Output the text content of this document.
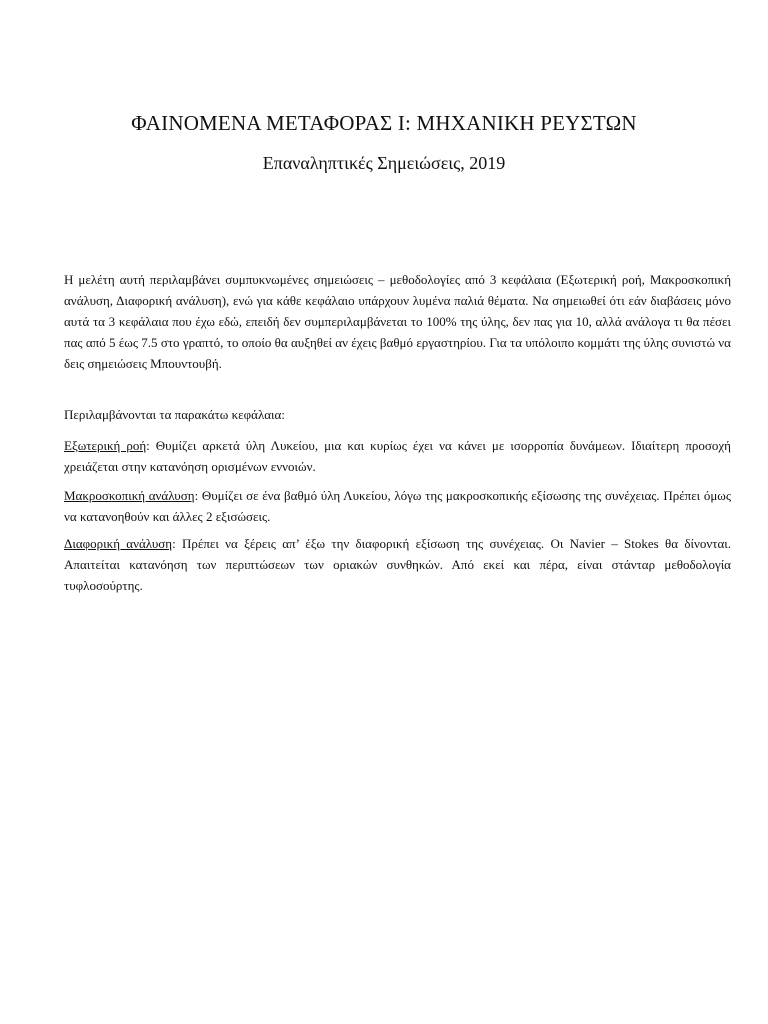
ΦΑΙΝΟΜΕΝΑ ΜΕΤΑΦΟΡΑΣ Ι: ΜΗΧΑΝΙΚΗ ΡΕΥΣΤΩΝ
Επαναληπτικές Σημειώσεις, 2019
Η μελέτη αυτή περιλαμβάνει συμπυκνωμένες σημειώσεις – μεθοδολογίες από 3 κεφάλαια (Εξωτερική ροή, Μακροσκοπική ανάλυση, Διαφορική ανάλυση), ενώ για κάθε κεφάλαιο υπάρχουν λυμένα παλιά θέματα. Να σημειωθεί ότι εάν διαβάσεις μόνο αυτά τα 3 κεφάλαια που έχω εδώ, επειδή δεν συμπεριλαμβάνεται το 100% της ύλης, δεν πας για 10, αλλά ανάλογα τι θα πέσει πας από 5 έως 7.5 στο γραπτό, το οποίο θα αυξηθεί αν έχεις βαθμό εργαστηρίου. Για τα υπόλοιπο κομμάτι της ύλης συνιστώ να δεις σημειώσεις Μπουντουβή.
Περιλαμβάνονται τα παρακάτω κεφάλαια:
Εξωτερική ροή: Θυμίζει αρκετά ύλη Λυκείου, μια και κυρίως έχει να κάνει με ισορροπία δυνάμεων. Ιδιαίτερη προσοχή χρειάζεται στην κατανόηση ορισμένων εννοιών.
Μακροσκοπική ανάλυση: Θυμίζει σε ένα βαθμό ύλη Λυκείου, λόγω της μακροσκοπικής εξίσωσης της συνέχειας. Πρέπει όμως να κατανοηθούν και άλλες 2 εξισώσεις.
Διαφορική ανάλυση: Πρέπει να ξέρεις απ’ έξω την διαφορική εξίσωση της συνέχειας. Οι Navier – Stokes θα δίνονται. Απαιτείται κατανόηση των περιπτώσεων των οριακών συνθηκών. Από εκεί και πέρα, είναι στάνταρ μεθοδολογία τυφλοσούρτης.
